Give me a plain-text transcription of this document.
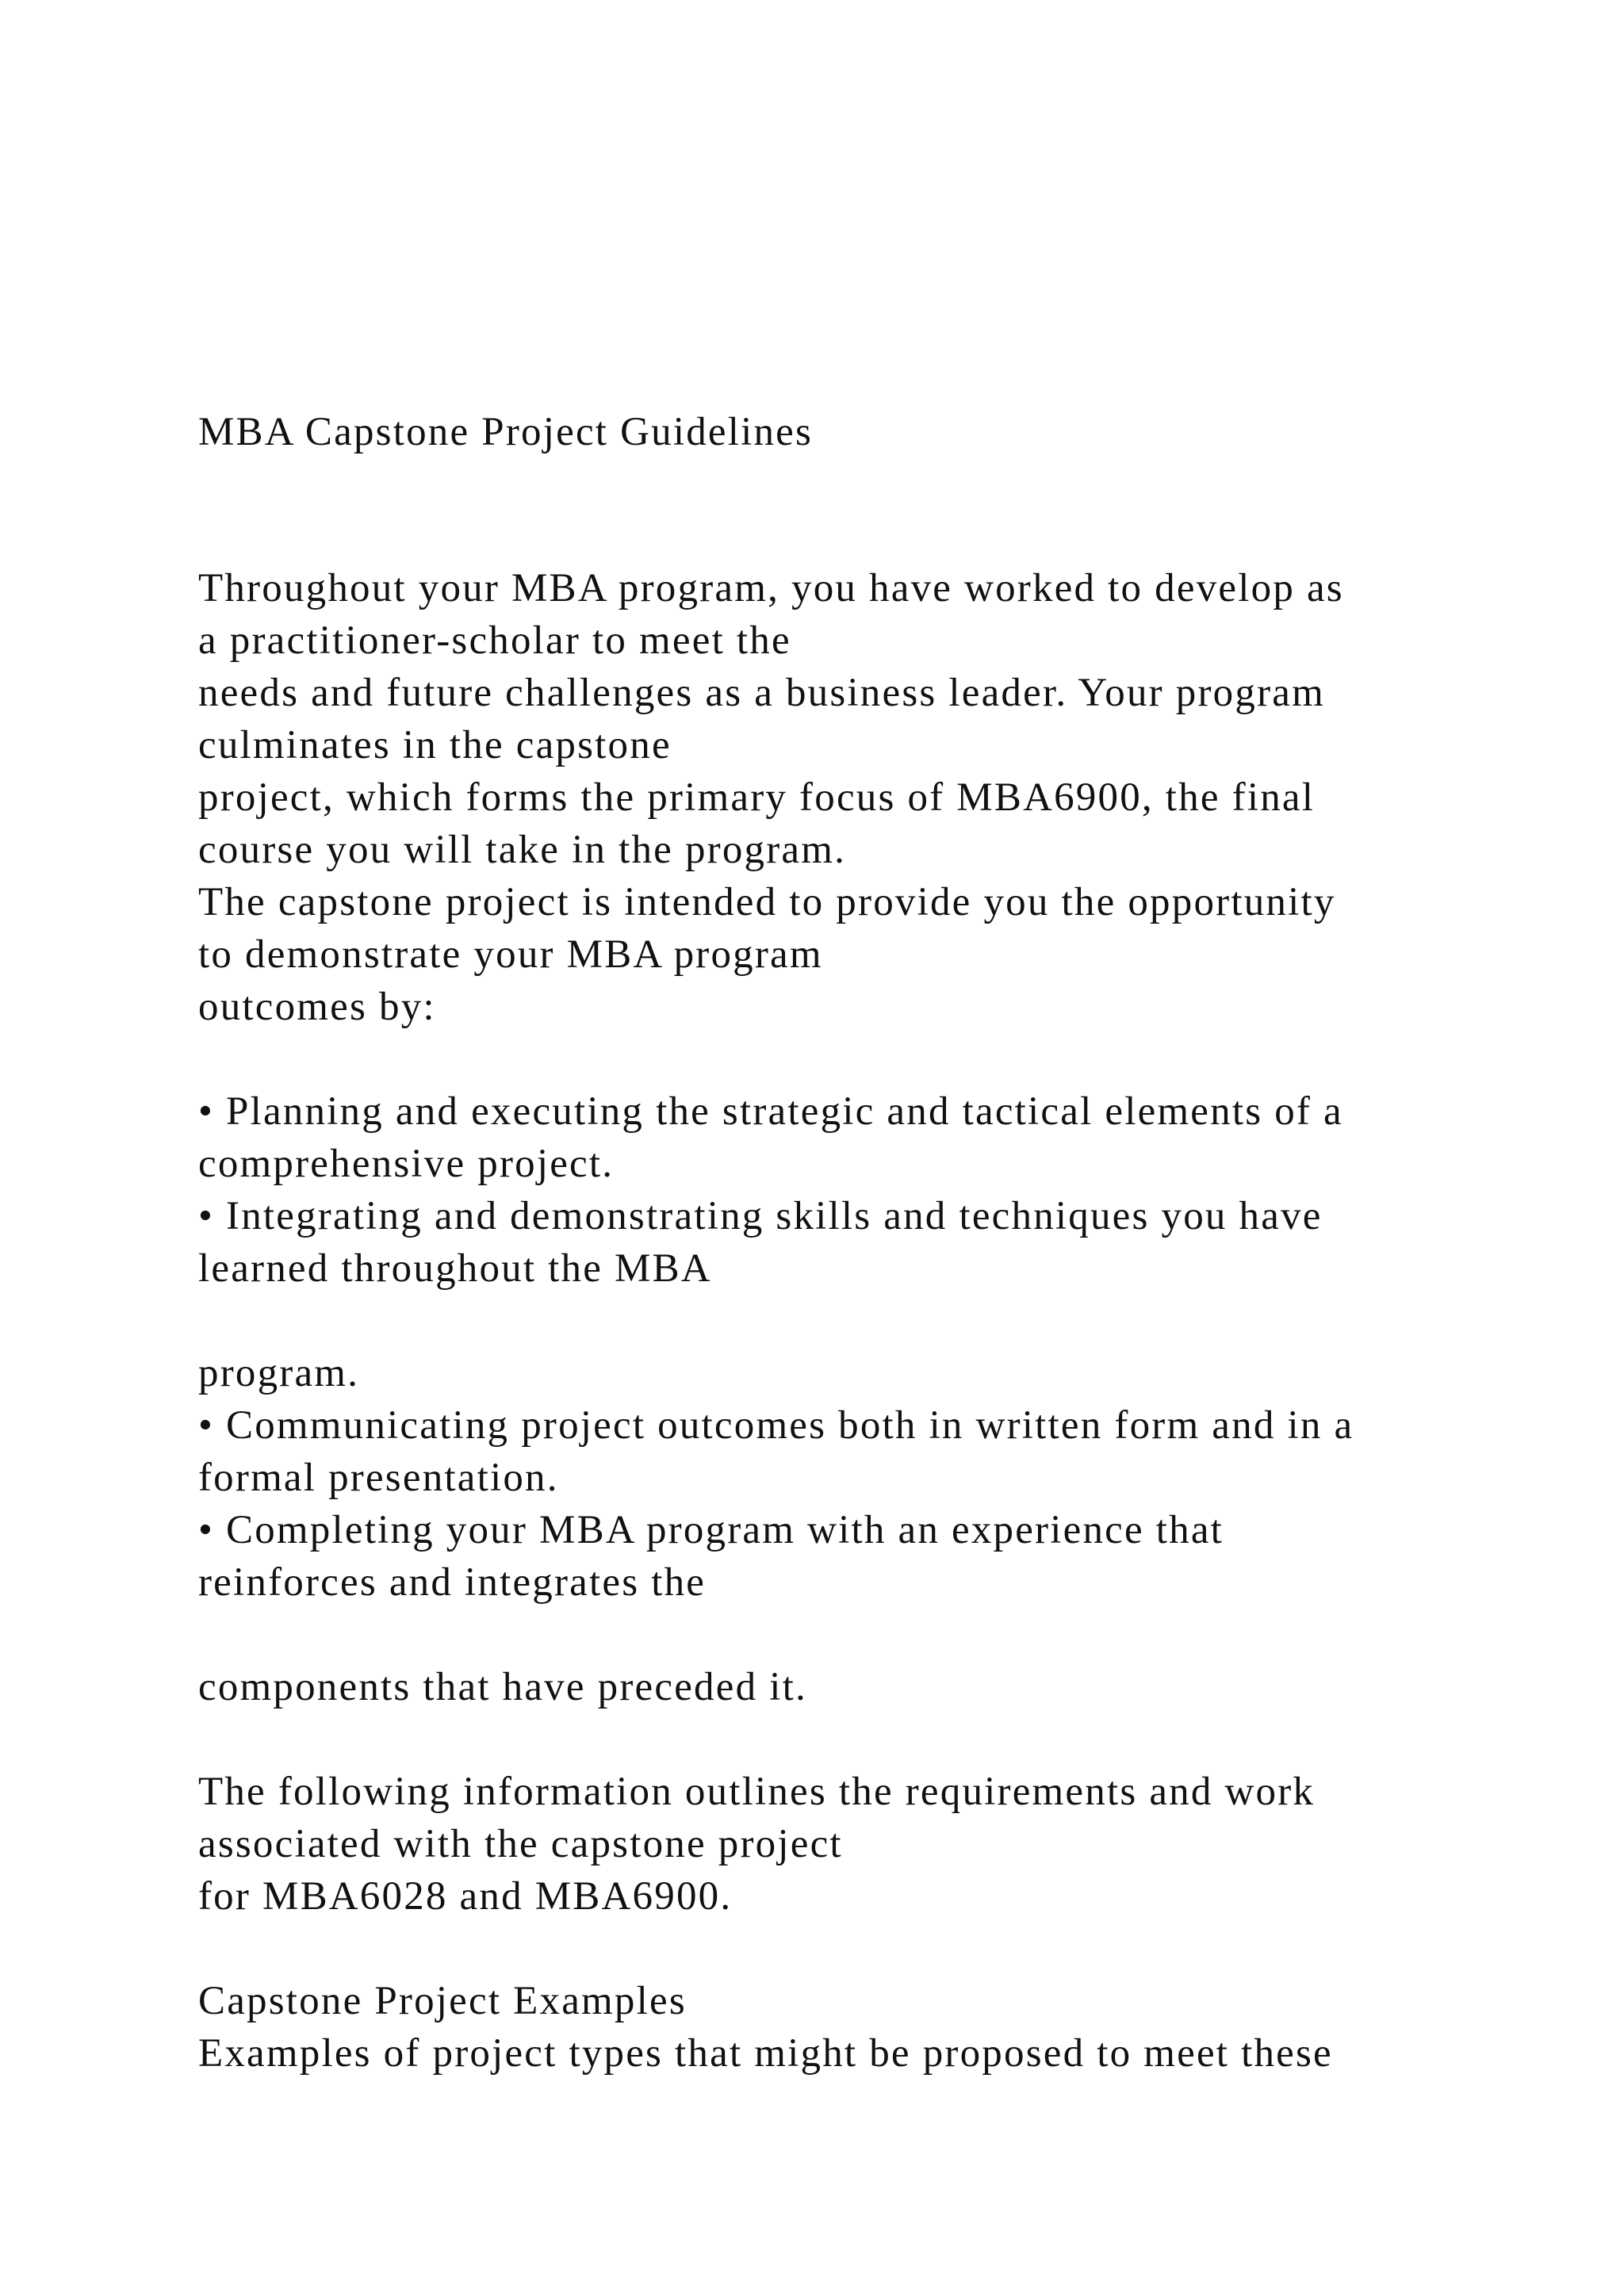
MBA Capstone Project Guidelines

Throughout your MBA program, you have worked to develop as

a practitioner-scholar to meet the

needs and future challenges as a business leader. Your program

culminates in the capstone

project, which forms the primary focus of MBA6900, the final

course you will take in the program.

The capstone project is intended to provide you the opportunity

to demonstrate your MBA program

outcomes by:

• Planning and executing the strategic and tactical elements of a

comprehensive project.

• Integrating and demonstrating skills and techniques you have

learned throughout the MBA

program.

• Communicating project outcomes both in written form and in a

formal presentation.

• Completing your MBA program with an experience that

reinforces and integrates the

components that have preceded it.

The following information outlines the requirements and work

associated with the capstone project

for MBA6028 and MBA6900.

Capstone Project Examples

Examples of project types that might be proposed to meet these
